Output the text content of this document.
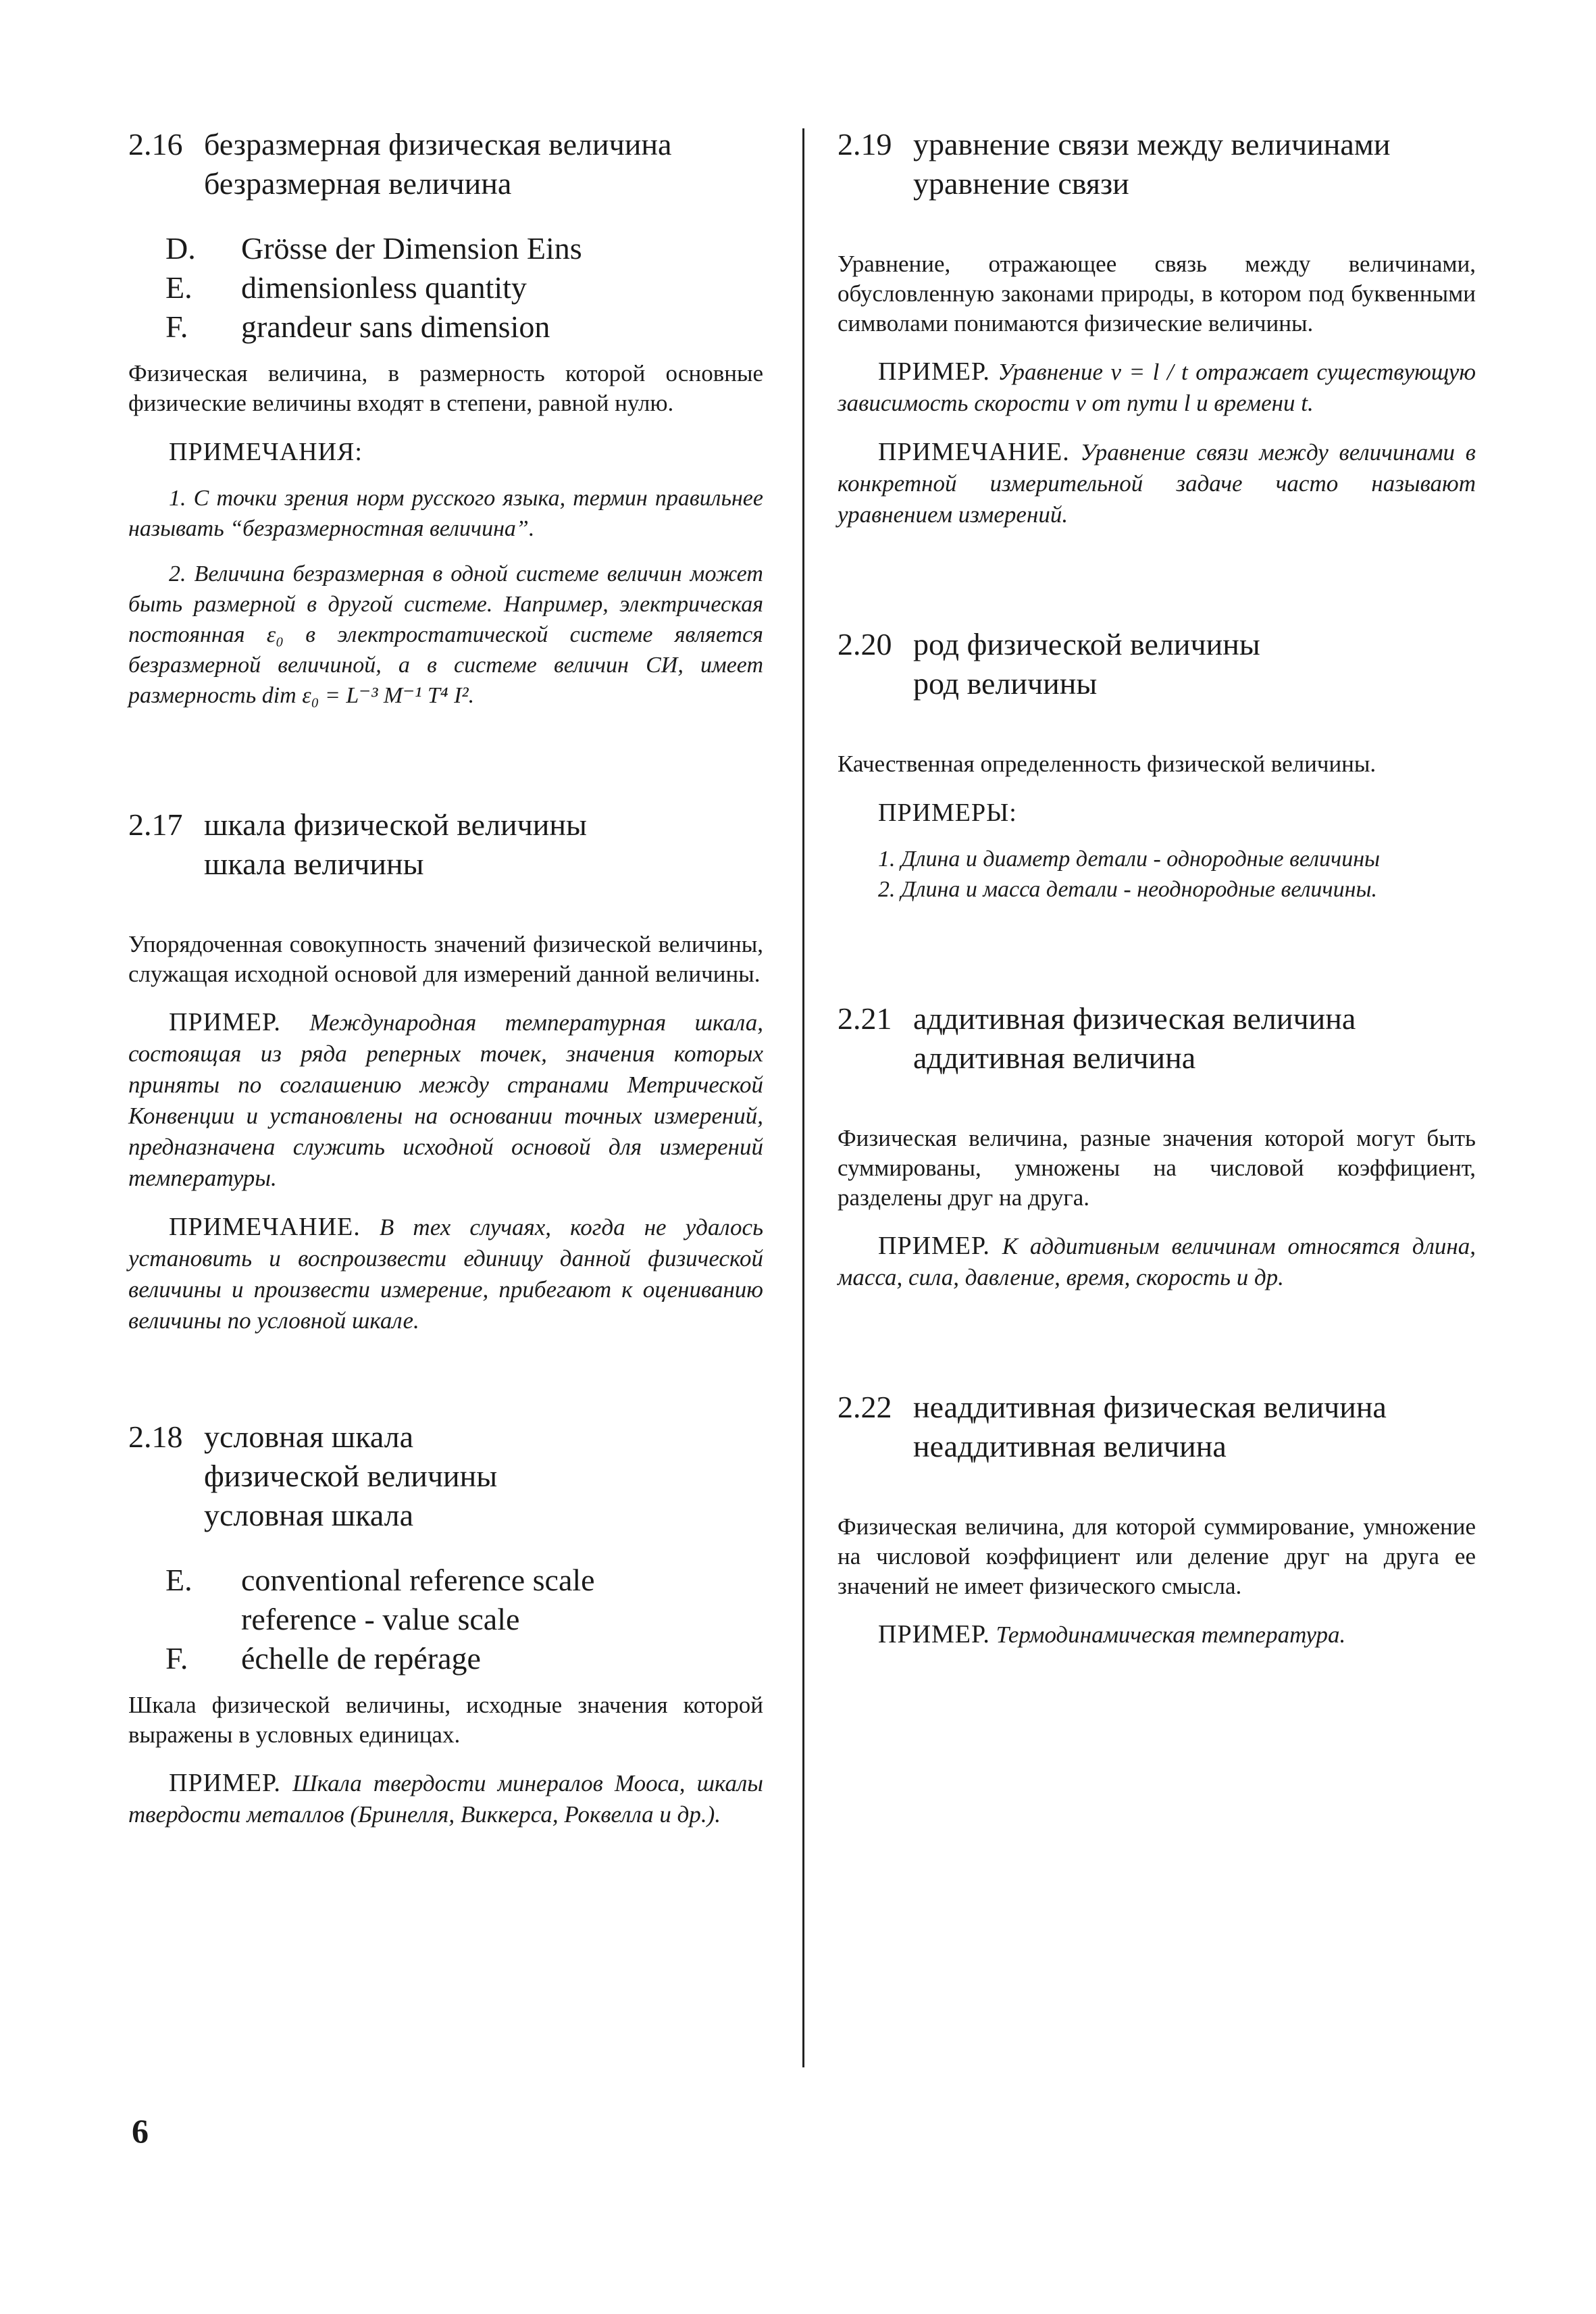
2.16 безразмерная физическая величина
безразмерная величина
D.	Grösse der Dimension Eins
E.	dimensionless quantity
F.	grandeur sans dimension
Физическая величина, в размерность которой основные физические величины входят в степени, равной нулю.
ПРИМЕЧАНИЯ:
1. С точки зрения норм русского языка, термин правильнее называть “безразмерностная величина”.
2. Величина безразмерная в одной системе величин может быть размерной в другой системе. Например, электрическая постоянная ε₀ в электростатической системе является безразмерной величиной, а в системе величин СИ, имеет размерность dim ε₀ = L⁻³ M⁻¹ T⁴ I².
2.17 шкала физической величины
шкала величины
Упорядоченная совокупность значений физической величины, служащая исходной основой для измерений данной величины.
ПРИМЕР. Международная температурная шкала, состоящая из ряда реперных точек, значения которых приняты по соглашению между странами Метрической Конвенции и установлены на основании точных измерений, предназначена служить исходной основой для измерений температуры.
ПРИМЕЧАНИЕ. В тех случаях, когда не удалось установить и воспроизвести единицу данной физической величины и произвести измерение, прибегают к оцениванию величины по условной шкале.
2.18 условная шкала
физической величины
условная шкала
E.	conventional reference scale
reference - value scale
F.	échelle de repérage
Шкала физической величины, исходные значения которой выражены в условных единицах.
ПРИМЕР. Шкала твердости минералов Мооса, шкалы твердости металлов (Бринелля, Виккерса, Роквелла и др.).
2.19 уравнение связи между величинами
уравнение связи
Уравнение, отражающее связь между величинами, обусловленную законами природы, в котором под буквенными символами понимаются физические величины.
ПРИМЕР. Уравнение v = l / t отражает существующую зависимость скорости v от пути l и времени t.
ПРИМЕЧАНИЕ. Уравнение связи между величинами в конкретной измерительной задаче часто называют уравнением измерений.
2.20 род физической величины
род величины
Качественная определенность физической величины.
ПРИМЕРЫ:
1. Длина и диаметр детали - однородные величины
2. Длина и масса детали - неоднородные величины.
2.21 аддитивная физическая величина
аддитивная величина
Физическая величина, разные значения которой могут быть суммированы, умножены на числовой коэффициент, разделены друг на друга.
ПРИМЕР. К аддитивным величинам относятся длина, масса, сила, давление, время, скорость и др.
2.22 неаддитивная физическая величина
неаддитивная величина
Физическая величина, для которой суммирование, умножение на числовой коэффициент или деление друг на друга ее значений не имеет физического смысла.
ПРИМЕР. Термодинамическая температура.
6
